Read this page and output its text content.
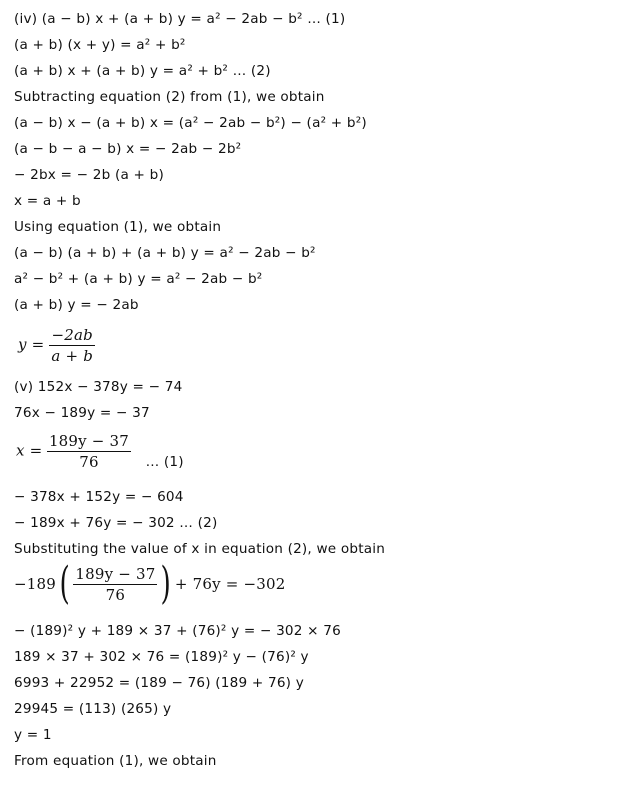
(iv) (a − b) x + (a + b) y = a² − 2ab − b² … (1)
(a + b) (x + y) = a² + b²
(a + b) x + (a + b) y = a² + b² … (2)
Subtracting equation (2) from (1), we obtain
(a − b) x − (a + b) x = (a² − 2ab − b²) − (a² + b²)
(a − b − a − b) x = − 2ab − 2b²
− 2bx = − 2b (a + b)
x = a + b
Using equation (1), we obtain
(a − b) (a + b) + (a + b) y = a² − 2ab − b²
a² − b² + (a + b) y = a² − 2ab − b²
(a + b) y = − 2ab
$y = \frac{-2ab}{a + b}$
(v) 152x − 378y = − 74
76x − 189y = − 37
$x = \frac{189y - 37}{76}$ … (1)
− 378x + 152y = − 604
− 189x + 76y = − 302 … (2)
Substituting the value of x in equation (2), we obtain
$-189( \frac{189y - 37}{76}$ ) + 76y = −302
− (189)² y + 189 × 37 + (76)² y = − 302 × 76
189 × 37 + 302 × 76 = (189)² y − (76)² y
6993 + 22952 = (189 − 76) (189 + 76) y
29945 = (113) (265) y
y = 1
From equation (1), we obtain
